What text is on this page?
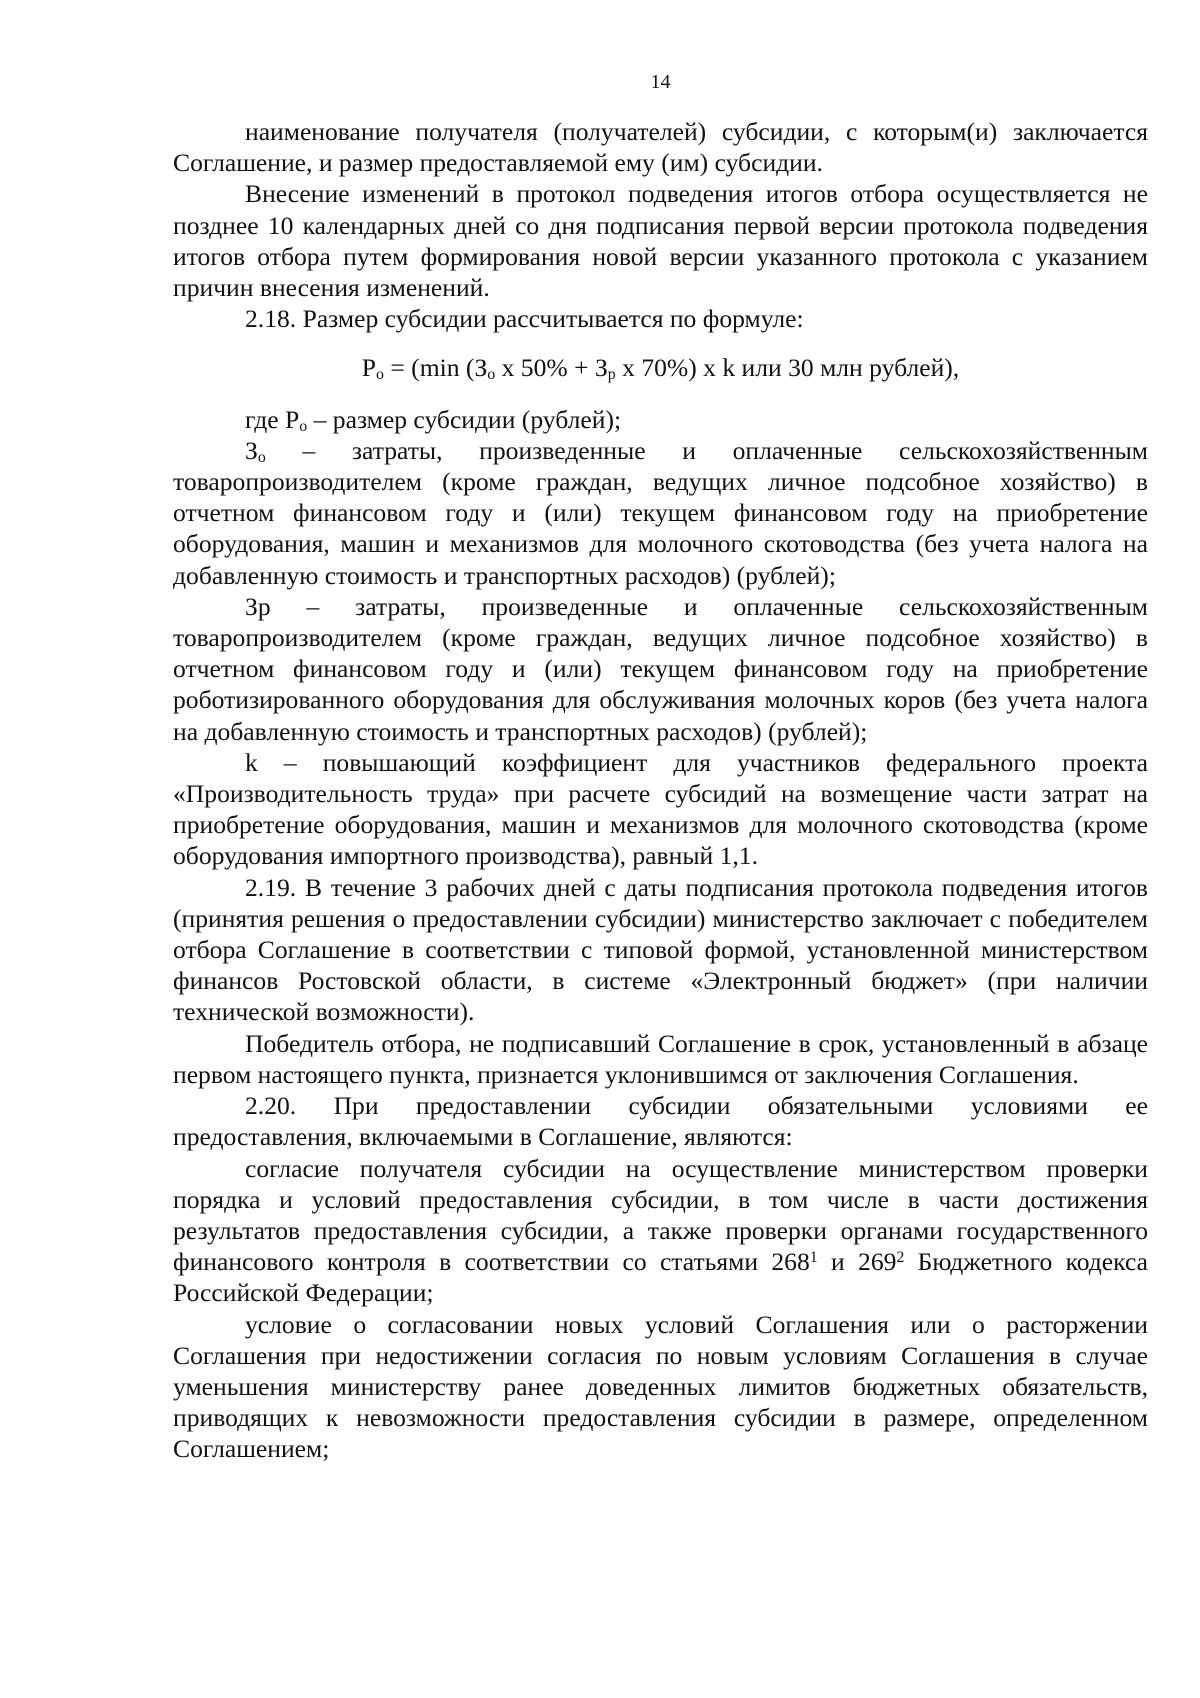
14

наименование получателя (получателей) субсидии, с которым(и) заключается Соглашение, и размер предоставляемой ему (им) субсидии.

Внесение изменений в протокол подведения итогов отбора осуществляется не позднее 10 календарных дней со дня подписания первой версии протокола подведения итогов отбора путем формирования новой версии указанного протокола с указанием причин внесения изменений.

2.18. Размер субсидии рассчитывается по формуле:

$P_о = (\min$ ($З_о$ х $50\% + З_р$ х 70%) х k или 30 млн рублей),

где $P_о$ – размер субсидии (рублей);

$З_о$ – затраты, произведенные и оплаченные сельскохозяйственным товаропроизводителем (кроме граждан, ведущих личное подсобное хозяйство) в отчетном финансовом году и (или) текущем финансовом году на приобретение оборудования, машин и механизмов для молочного скотоводства (без учета налога на добавленную стоимость и транспортных расходов) (рублей);

Зр – затраты, произведенные и оплаченные сельскохозяйственным товаропроизводителем (кроме граждан, ведущих личное подсобное хозяйство) в отчетном финансовом году и (или) текущем финансовом году на приобретение роботизированного оборудования для обслуживания молочных коров (без учета налога на добавленную стоимость и транспортных расходов) (рублей);

k – повышающий коэффициент для участников федерального проекта «Производительность труда» при расчете субсидий на возмещение части затрат на приобретение оборудования, машин и механизмов для молочного скотоводства (кроме оборудования импортного производства), равный 1,1.

2.19. В течение 3 рабочих дней с даты подписания протокола подведения итогов (принятия решения о предоставлении субсидии) министерство заключает с победителем отбора Соглашение в соответствии с типовой формой, установленной министерством финансов Ростовской области, в системе «Электронный бюджет» (при наличии технической возможности).

Победитель отбора, не подписавший Соглашение в срок, установленный в абзаце первом настоящего пункта, признается уклонившимся от заключения Соглашения.

2.20. При предоставлении субсидии обязательными условиями ее предоставления, включаемыми в Соглашение, являются:

согласие получателя субсидии на осуществление министерством проверки порядка и условий предоставления субсидии, в том числе в части достижения результатов предоставления субсидии, а также проверки органами государственного финансового контроля в соответствии со статьями $268^1$ и $269^2$ Бюджетного кодекса Российской Федерации;

условие о согласовании новых условий Соглашения или о расторжении Соглашения при недостижении согласия по новым условиям Соглашения в случае уменьшения министерству ранее доведенных лимитов бюджетных обязательств, приводящих к невозможности предоставления субсидии в размере, определенном Соглашением;
